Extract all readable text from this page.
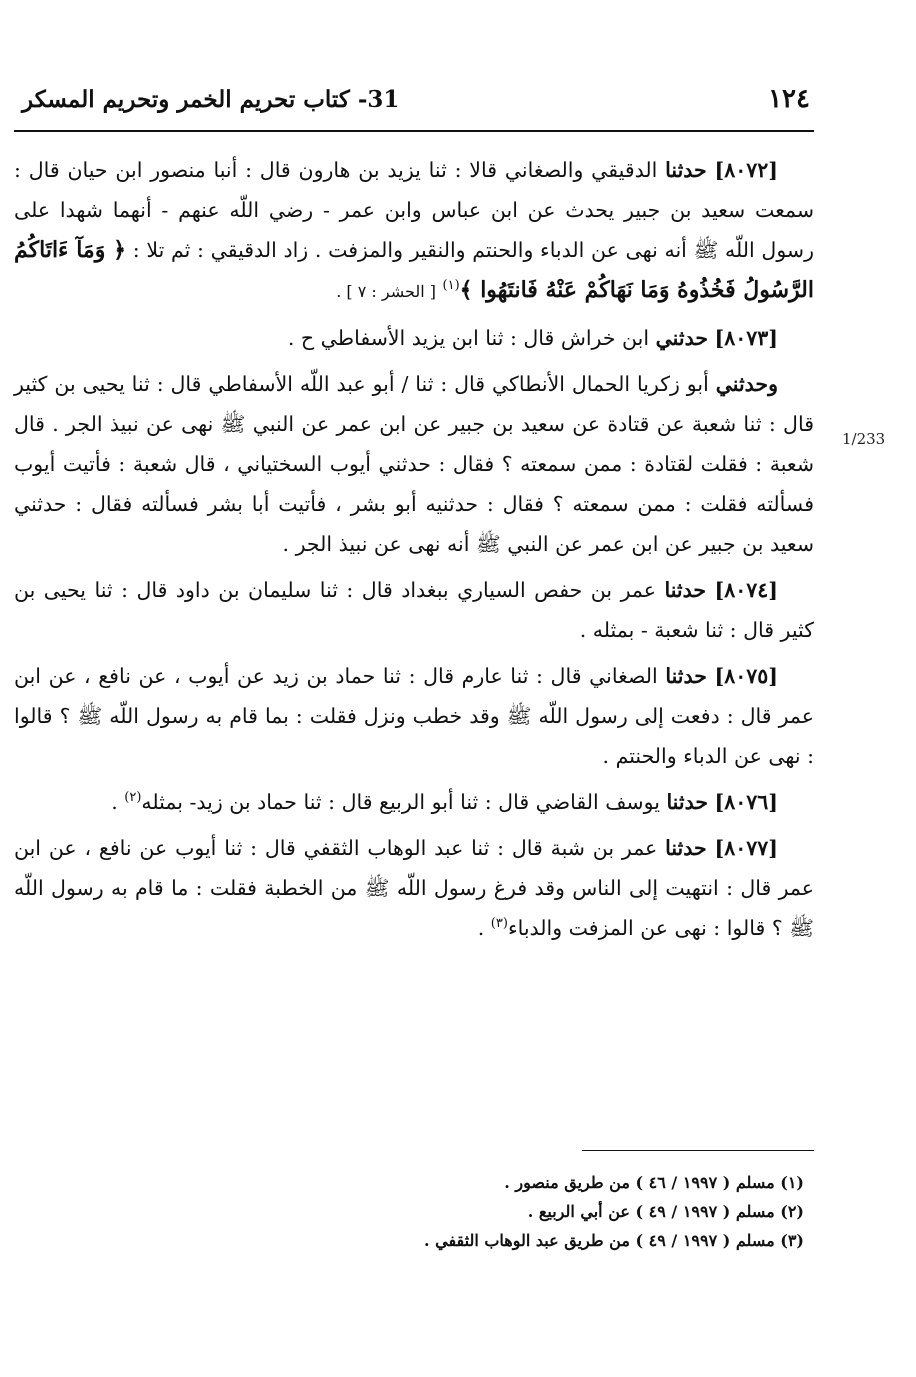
١٢٤
31- كتاب تحريم الخمر وتحريم المسكر
1/233

[٨٠٧٢] حدثنا الدقيقي والصغاني قالا : ثنا يزيد بن هارون قال : أنبا منصور ابن حيان قال : سمعت سعيد بن جبير يحدث عن ابن عباس وابن عمر - رضي اللّه عنهم - أنهما شهدا على رسول اللّه ﷺ أنه نهى عن الدباء والحنتم والنقير والمزفت . زاد الدقيقي : ثم تلا : ﴿ وَمَآ ءَاتَاكُمُ الرَّسُولُ فَخُذُوهُ وَمَا نَهَاكُمْ عَنْهُ فَانتَهُوا ﴾$^{(١)}$ [ الحشر : ٧ ] .

[٨٠٧٣] حدثني ابن خراش قال : ثنا ابن يزيد الأسفاطي ح .

وحدثني أبو زكريا الحمال الأنطاكي قال : ثنا / أبو عبد اللّه الأسفاطي قال : ثنا يحيى بن كثير قال : ثنا شعبة عن قتادة عن سعيد بن جبير عن ابن عمر عن النبي ﷺ نهى عن نبيذ الجر . قال شعبة : فقلت لقتادة : ممن سمعته ؟ فقال : حدثني أيوب السختياني ، قال شعبة : فأتيت أيوب فسألته فقلت : ممن سمعته ؟ فقال : حدثنيه أبو بشر ، فأتيت أبا بشر فسألته فقال : حدثني سعيد بن جبير عن ابن عمر عن النبي ﷺ أنه نهى عن نبيذ الجر .

[٨٠٧٤] حدثنا عمر بن حفص السياري ببغداد قال : ثنا سليمان بن داود قال : ثنا يحيى بن كثير قال : ثنا شعبة - بمثله .

[٨٠٧٥] حدثنا الصغاني قال : ثنا عارم قال : ثنا حماد بن زيد عن أيوب ، عن نافع ، عن ابن عمر قال : دفعت إلى رسول اللّه ﷺ وقد خطب ونزل فقلت : بما قام به رسول اللّه ﷺ ؟ قالوا : نهى عن الدباء والحنتم .

[٨٠٧٦] حدثنا يوسف القاضي قال : ثنا أبو الربيع قال : ثنا حماد بن زيد- بمثله$^{(٢)}$ .

[٨٠٧٧] حدثنا عمر بن شبة قال : ثنا عبد الوهاب الثقفي قال : ثنا أيوب عن نافع ، عن ابن عمر قال : انتهيت إلى الناس وقد فرغ رسول اللّه ﷺ من الخطبة فقلت : ما قام به رسول اللّه ﷺ ؟ قالوا : نهى عن المزفت والدباء$^{(٣)}$ .

(١) مسلم ( ١٩٩٧ / ٤٦ ) من طريق منصور .
(٢) مسلم ( ١٩٩٧ / ٤٩ ) عن أبي الربيع .
(٣) مسلم ( ١٩٩٧ / ٤٩ ) من طريق عبد الوهاب الثقفي .
